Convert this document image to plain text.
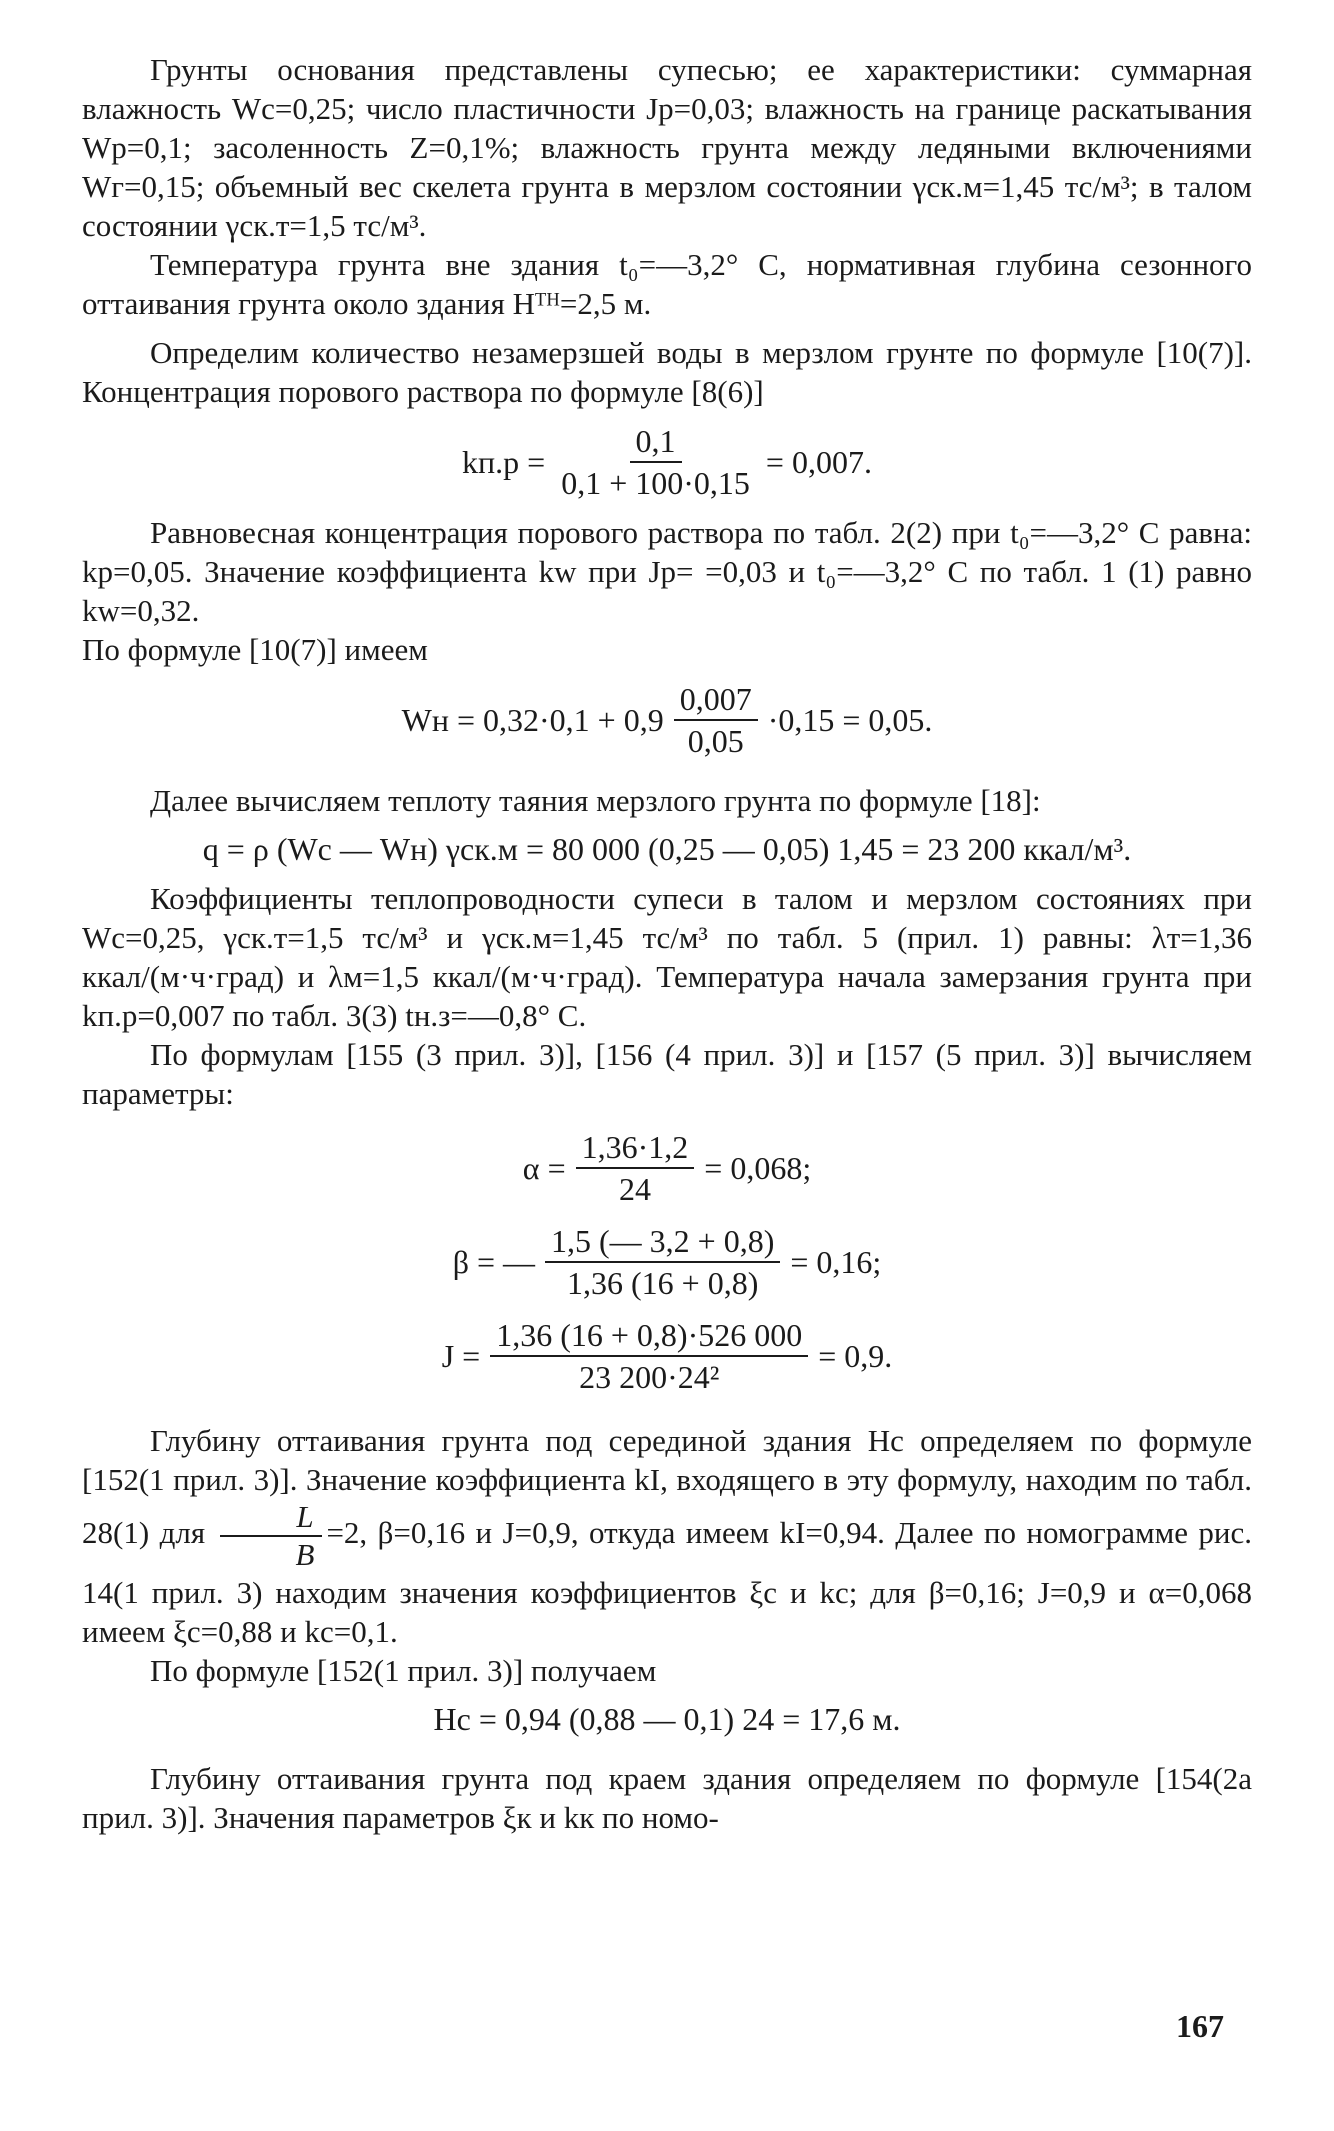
Грунты основания представлены супесью; ее характеристики: суммарная влажность Wс=0,25; число пластичности Jр=0,03; влажность на границе раскатывания Wр=0,1; засоленность Z=0,1%; влажность грунта между ледяными включениями Wг=0,15; объемный вес скелета грунта в мерзлом состоянии γск.м=1,45 тс/м³; в талом состоянии γск.т=1,5 тс/м³.

Температура грунта вне здания t₀=—3,2° С, нормативная глубина сезонного оттаивания грунта около здания Hᵀᴴ=2,5 м.

Определим количество незамерзшей воды в мерзлом грунте по формуле [10(7)]. Концентрация порового раствора по формуле [8(6)]

$kп.р = \frac{0,1}{0,1 + 100\cdot 0,15} = 0,007$.

Равновесная концентрация порового раствора по табл. 2(2) при t₀=—3,2° С равна: kр=0,05. Значение коэффициента kw при Jр= =0,03 и t₀=—3,2° С по табл. 1 (1) равно kw=0,32.

По формуле [10(7)] имеем

Wн = $0,32\cdot 0,1 + 0,9 \frac{0,007}{0,05} \cdot 0,15 = 0,05$.

Далее вычисляем теплоту таяния мерзлого грунта по формуле [18]:

q = ρ (Wс — Wн) γск.м = 80 000 (0,25 — 0,05) 1,45 = 23 200 ккал/м³.

Коэффициенты теплопроводности супеси в талом и мерзлом состояниях при Wс=0,25, γск.т=1,5 тс/м³ и γск.м=1,45 тс/м³ по табл. 5 (прил. 1) равны: λт=1,36 ккал/(м·ч·град) и λм=1,5 ккал/(м·ч·град). Температура начала замерзания грунта при kп.р=0,007 по табл. 3(3) tн.з=—0,8° С.

По формулам [155 (3 прил. 3)], [156 (4 прил. 3)] и [157 (5 прил. 3)] вычисляем параметры:

$\alpha = \frac{1,36\cdot 1,2}{24} = 0,068$;
β = — $\frac{1,5 (— 3,2 + 0,8)}{1,36 (16 + 0,8)} = 0,16$;
$J = \frac{1,36 (16 + 0,8)\cdot 526 000}{\text{23 200·24²}} = 0,9$.

Глубину оттаивания грунта под серединой здания Hс определяем по формуле [152(1 прил. 3)]. Значение коэффициента kI, входящего в эту формулу, находим по табл. 28(1) для $\frac{L}{B} =2$, β=0,16 и J=0,9, откуда имеем kI=0,94. Далее по номограмме рис. 14(1 прил. 3) находим значения коэффициентов ξс и kс; для β=0,16; J=0,9 и α=0,068 имеем ξс=0,88 и kс=0,1.

По формуле [152(1 прил. 3)] получаем

Hс = 0,94 (0,88 — 0,1) 24 = 17,6 м.

Глубину оттаивания грунта под краем здания определяем по формуле [154(2а прил. 3)]. Значения параметров ξк и kк по номо-

167
